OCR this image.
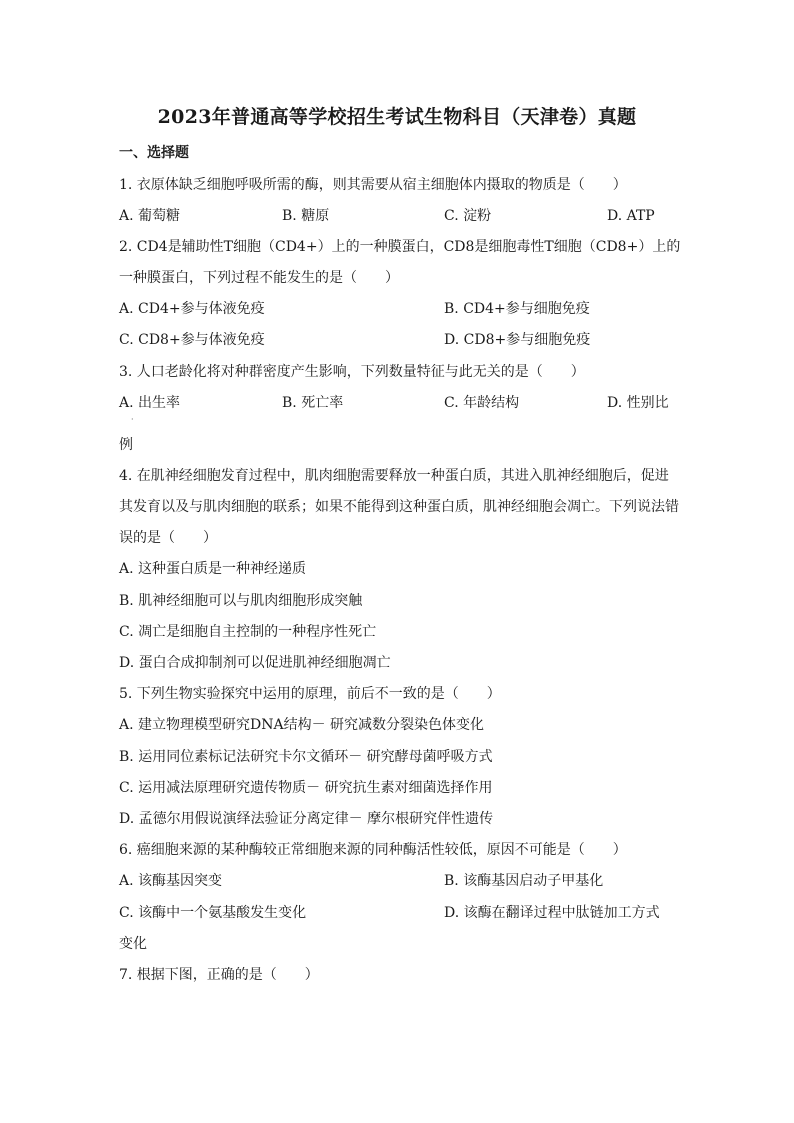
2023年普通高等学校招生考试生物科目（天津卷）真题
一、选择题
1. 衣原体缺乏细胞呼吸所需的酶，则其需要从宿主细胞体内摄取的物质是（　　）
A. 葡萄糖	B. 糖原	C. 淀粉	D. ATP
2. CD4是辅助性T细胞（CD4+）上的一种膜蛋白，CD8是细胞毒性T细胞（CD8+）上的
一种膜蛋白，下列过程不能发生的是（　　）
A. CD4+参与体液免疫	B. CD4+参与细胞免疫
C. CD8+参与体液免疫	D. CD8+参与细胞免疫
3. 人口老龄化将对种群密度产生影响，下列数量特征与此无关的是（　　）
A. 出生率	B. 死亡率	C. 年龄结构	D. 性别比
·
例
4. 在肌神经细胞发育过程中，肌肉细胞需要释放一种蛋白质，其进入肌神经细胞后，促进
其发育以及与肌肉细胞的联系；如果不能得到这种蛋白质，肌神经细胞会凋亡。下列说法错
误的是（　　）
A. 这种蛋白质是一种神经递质
B. 肌神经细胞可以与肌肉细胞形成突触
C. 凋亡是细胞自主控制的一种程序性死亡
D. 蛋白合成抑制剂可以促进肌神经细胞凋亡
5. 下列生物实验探究中运用的原理，前后不一致的是（　　）
A. 建立物理模型研究DNA结构－ 研究减数分裂染色体变化
B. 运用同位素标记法研究卡尔文循环－ 研究酵母菌呼吸方式
C. 运用减法原理研究遗传物质－ 研究抗生素对细菌选择作用
D. 孟德尔用假说演绎法验证分离定律－ 摩尔根研究伴性遗传
6. 癌细胞来源的某种酶较正常细胞来源的同种酶活性较低，原因不可能是（　　）
A. 该酶基因突变	B. 该酶基因启动子甲基化
C. 该酶中一个氨基酸发生变化	D. 该酶在翻译过程中肽链加工方式
变化
7. 根据下图，正确的是（　　）
